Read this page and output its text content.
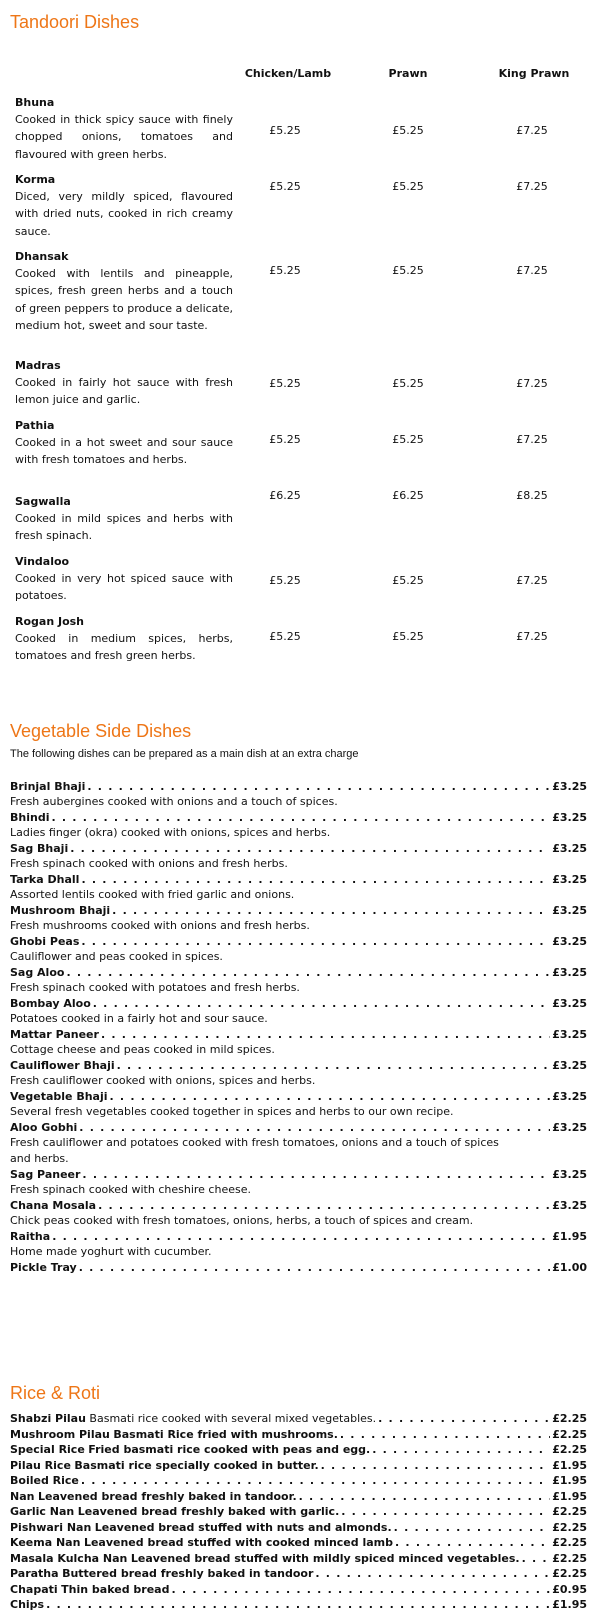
Tandoori Dishes
Chicken/Lamb	Prawn	King Prawn
Bhuna
Cooked in thick spicy sauce with finely chopped onions, tomatoes and flavoured with green herbs.
£5.25	£5.25	£7.25
Korma
Diced, very mildly spiced, flavoured with dried nuts, cooked in rich creamy sauce.
£5.25	£5.25	£7.25
Dhansak
Cooked with lentils and pineapple, spices, fresh green herbs and a touch of green peppers to produce a delicate, medium hot, sweet and sour taste.
£5.25	£5.25	£7.25
Madras
Cooked in fairly hot sauce with fresh lemon juice and garlic.
£5.25	£5.25	£7.25
Pathia
Cooked in a hot sweet and sour sauce with fresh tomatoes and herbs.
£5.25	£5.25	£7.25
Sagwalla
Cooked in mild spices and herbs with fresh spinach.
£6.25	£6.25	£8.25
Vindaloo
Cooked in very hot spiced sauce with potatoes.
£5.25	£5.25	£7.25
Rogan Josh
Cooked in medium spices, herbs, tomatoes and fresh green herbs.
£5.25	£5.25	£7.25
Vegetable Side Dishes
The following dishes can be prepared as a main dish at an extra charge
Brinjal Bhaji . . .	£3.25
Fresh aubergines cooked with onions and a touch of spices.
Bhindi . . .	£3.25
Ladies finger (okra) cooked with onions, spices and herbs.
Sag Bhaji . . .	£3.25
Fresh spinach cooked with onions and fresh herbs.
Tarka Dhall . . .	£3.25
Assorted lentils cooked with fried garlic and onions.
Mushroom Bhaji . . .	£3.25
Fresh mushrooms cooked with onions and fresh herbs.
Ghobi Peas . . .	£3.25
Cauliflower and peas cooked in spices.
Sag Aloo . . .	£3.25
Fresh spinach cooked with potatoes and fresh herbs.
Bombay Aloo . . .	£3.25
Potatoes cooked in a fairly hot and sour sauce.
Mattar Paneer . . .	£3.25
Cottage cheese and peas cooked in mild spices.
Cauliflower Bhaji . . .	£3.25
Fresh cauliflower cooked with onions, spices and herbs.
Vegetable Bhaji . . .	£3.25
Several fresh vegetables cooked together in spices and herbs to our own recipe.
Aloo Gobhi . . .	£3.25
Fresh cauliflower and potatoes cooked with fresh tomatoes, onions and a touch of spices and herbs.
Sag Paneer . . .	£3.25
Fresh spinach cooked with cheshire cheese.
Chana Mosala . . .	£3.25
Chick peas cooked with fresh tomatoes, onions, herbs, a touch of spices and cream.
Raitha . . .	£1.95
Home made yoghurt with cucumber.
Pickle Tray . . .	£1.00
Rice & Roti
Shabzi Pilau
Basmati rice cooked with several mixed vegetables. . . .	£2.25
Mushroom Pilau
Basmati Rice fried with mushrooms. . . .	£2.25
Special Rice
Fried basmati rice cooked with peas and egg. . . .	£2.25
Pilau Rice
Basmati rice specially cooked in butter. . . .	£1.95
Boiled Rice . . .	£1.95
Nan
Leavened bread freshly baked in tandoor. . . .	£1.95
Garlic Nan
Leavened bread freshly baked with garlic. . . .	£2.25
Pishwari Nan
Leavened bread stuffed with nuts and almonds. . . .	£2.25
Keema Nan
Leavened bread stuffed with cooked minced lamb . . .	£2.25
Masala Kulcha Nan
Leavened bread stuffed with mildly spiced minced vegetables. . . .	£2.25
Paratha
Buttered bread freshly baked in tandoor . . .	£2.25
Chapati
Thin baked bread . . .	£0.95
Chips . . .	£1.95
